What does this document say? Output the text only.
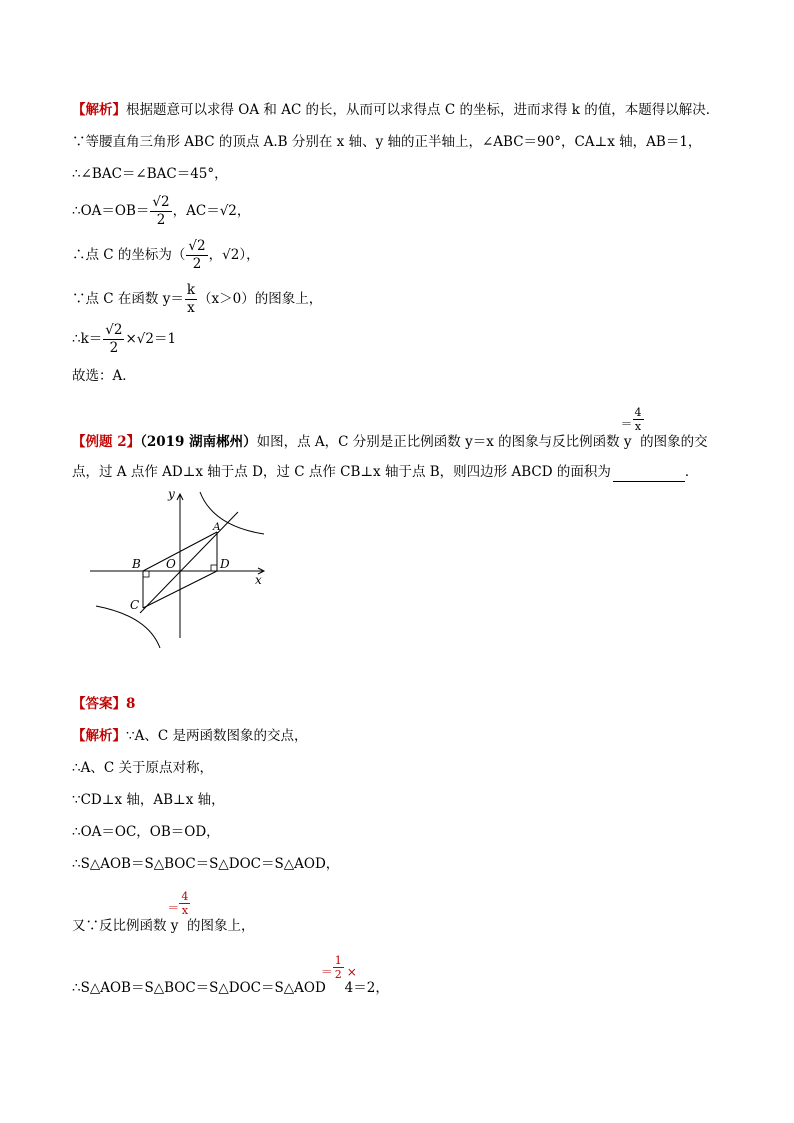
【解析】根据题意可以求得 OA 和 AC 的长，从而可以求得点 C 的坐标，进而求得 k 的值，本题得以解决．
∵等腰直角三角形 ABC 的顶点 A.B 分别在 x 轴、y 轴的正半轴上，∠ABC＝90°，CA⊥x 轴，AB＝1，
∴∠BAC＝∠BAC＝45°，
∴OA＝OB＝ $\frac{√2}{2}$ ，AC＝√2，
∴点 C 的坐标为（ $\frac{√2}{2}$ ，√2），
∵点 C 在函数 $y= \frac{k}{x} (x>0)$的图象上，
∴k＝ $\frac{√2}{2} \times√2=1$
故选：A．
【例题 2】（2019 湖南郴州）如图，点 A，C 分别是正比例函数 y＝x 的图象与反比例函数 y
＝
4
x
的图象的交
点，过 A 点作 AD⊥x 轴于点 D，过 C 点作 CB⊥x 轴于点 B，则四边形 ABCD 的面积为	．
y
x
A
B
C
D
O
【答案】8
【解析】∵A、C 是两函数图象的交点，
∴A、C 关于原点对称，
∵CD⊥x 轴，AB⊥x 轴，
∴OA＝OC，OB＝OD，
∴S△AOB＝S△BOC＝S△DOC＝S△AOD，
又∵反比例函数 y
＝
4
x
的图象上，
∴S△AOB＝S△BOC＝S△DOC＝S△AOD
＝
1
2 ×
4＝2，
